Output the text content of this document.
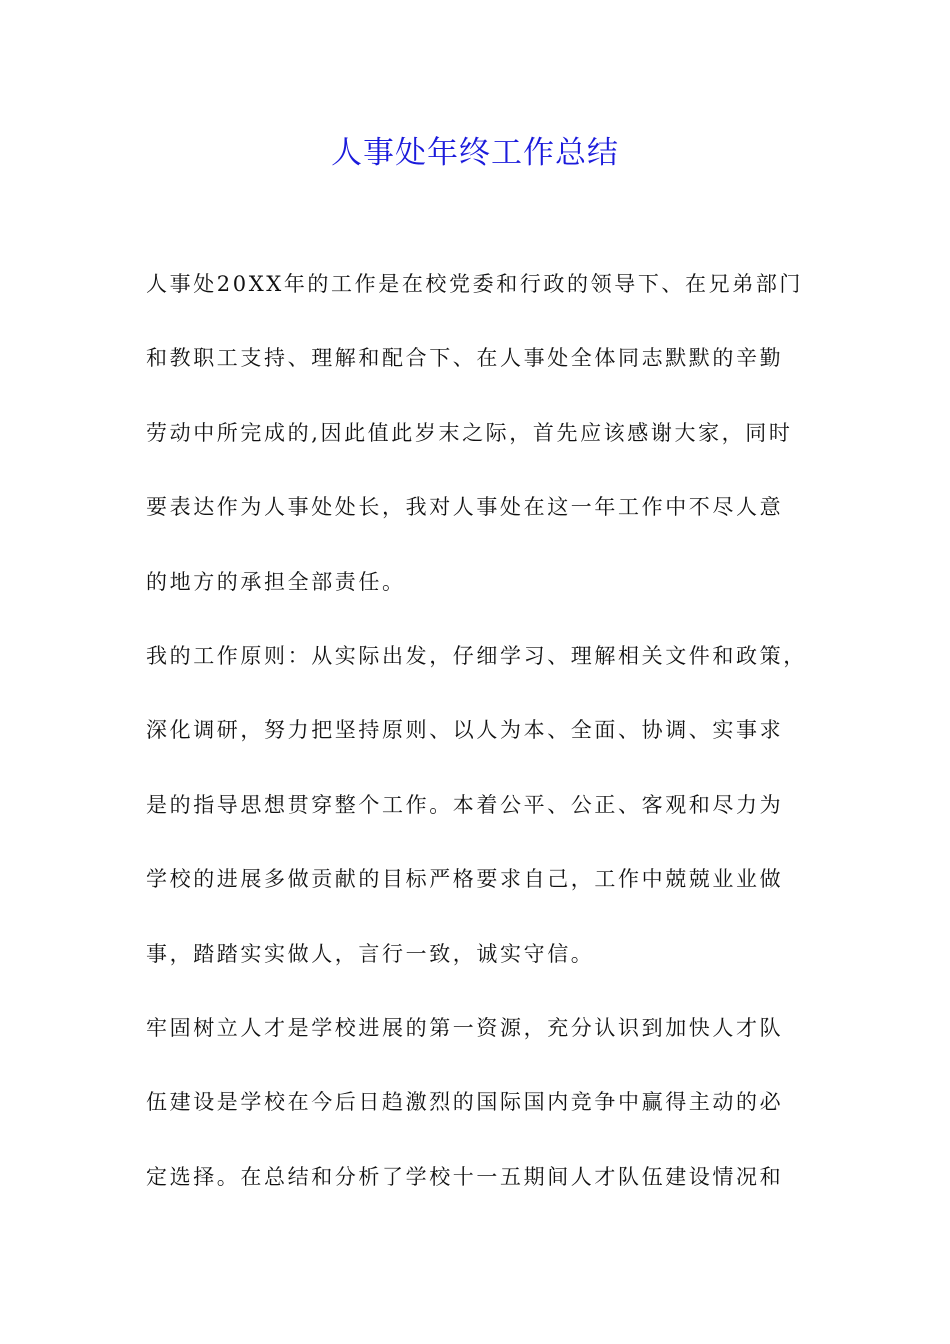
人事处年终工作总结
人事处20XX年的工作是在校党委和行政的领导下、在兄弟部门
和教职工支持、理解和配合下、在人事处全体同志默默的辛勤
劳动中所完成的,因此值此岁末之际，首先应该感谢大家，同时
要表达作为人事处处长，我对人事处在这一年工作中不尽人意
的地方的承担全部责任。
我的工作原则：从实际出发，仔细学习、理解相关文件和政策，
深化调研，努力把坚持原则、以人为本、全面、协调、实事求
是的指导思想贯穿整个工作。本着公平、公正、客观和尽力为
学校的进展多做贡献的目标严格要求自己，工作中兢兢业业做
事，踏踏实实做人，言行一致，诚实守信。
牢固树立人才是学校进展的第一资源，充分认识到加快人才队
伍建设是学校在今后日趋激烈的国际国内竞争中赢得主动的必
定选择。在总结和分析了学校十一五期间人才队伍建设情况和
